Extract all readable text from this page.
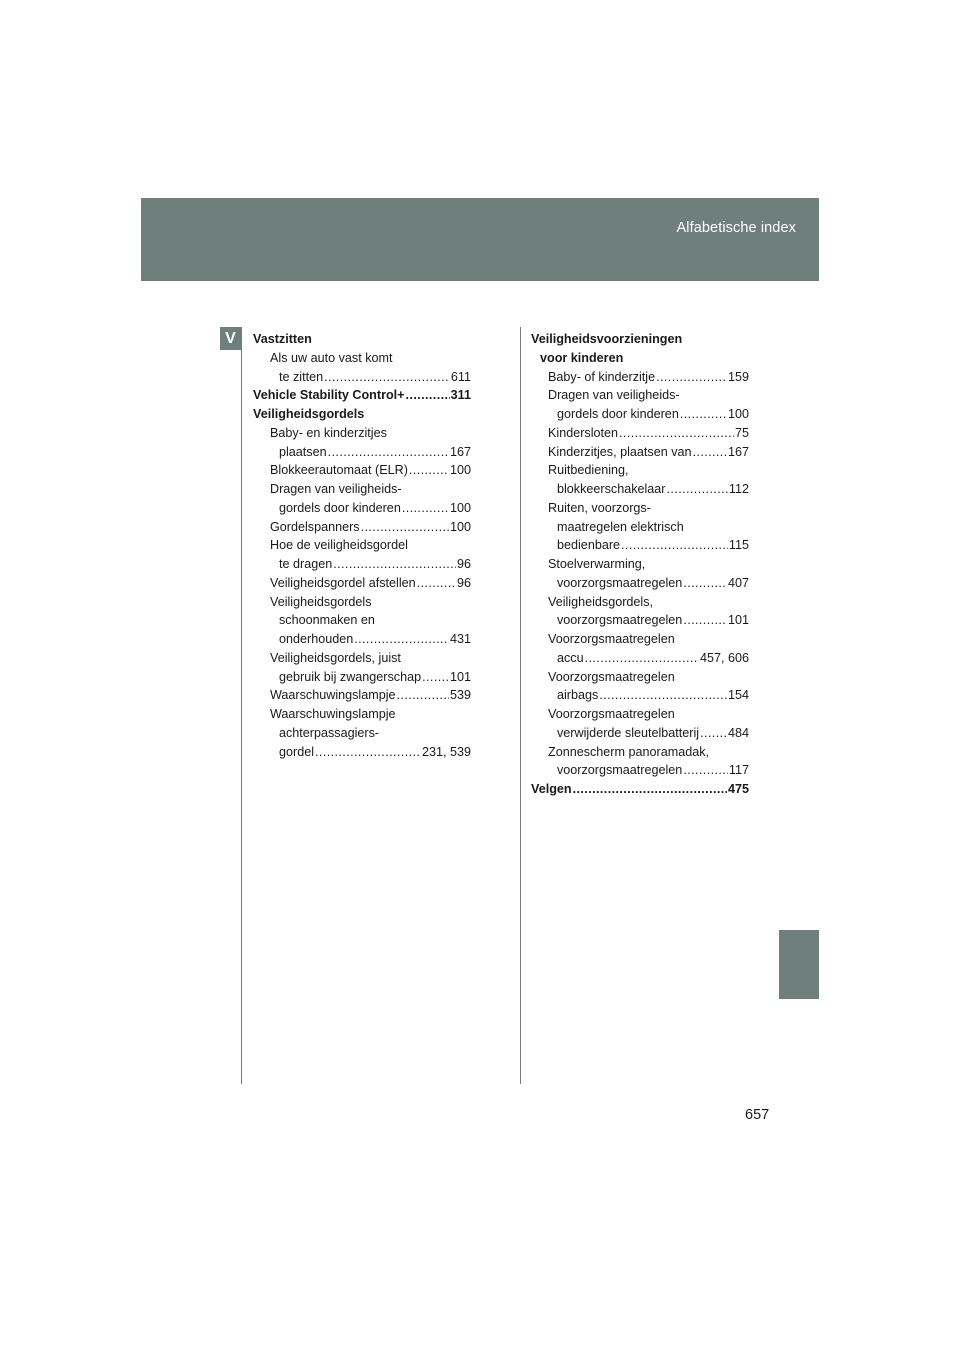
Alfabetische index
V	Vastzitten
Als uw auto vast komt
te zitten .....	611
Vehicle Stability Control+ .....	311
Veiligheidsgordels
Baby- en kinderzitjes
plaatsen .....	167
Blokkeerautomaat (ELR) .....	100
Dragen van veiligheids-
gordels door kinderen .....	100
Gordelspanners .....	100
Hoe de veiligheidsgordel
te dragen .....	96
Veiligheidsgordel afstellen .....	96
Veiligheidsgordels
schoonmaken en
onderhouden .....	431
Veiligheidsgordels, juist
gebruik bij zwangerschap ..... 101
Waarschuwingslampje .....	539
Waarschuwingslampje
achterpassagiers-
gordel .....	231, 539
Veiligheidsvoorzieningen
voor kinderen
Baby- of kinderzitje .....	159
Dragen van veiligheids-
gordels door kinderen .....	100
Kindersloten .....	75
Kinderzitjes, plaatsen van .....	167
Ruitbediening,
blokkeerschakelaar .....	112
Ruiten, voorzorgs-
maatregelen elektrisch
bedienbare .....	115
Stoelverwarming,
voorzorgsmaatregelen .....	407
Veiligheidsgordels,
voorzorgsmaatregelen .....	101
Voorzorgsmaatregelen
accu .....	457, 606
Voorzorgsmaatregelen
airbags .....	154
Voorzorgsmaatregelen
verwijderde sleutelbatterij ..... 484
Zonnescherm panoramadak,
voorzorgsmaatregelen .....	117
Velgen .....	475
657
